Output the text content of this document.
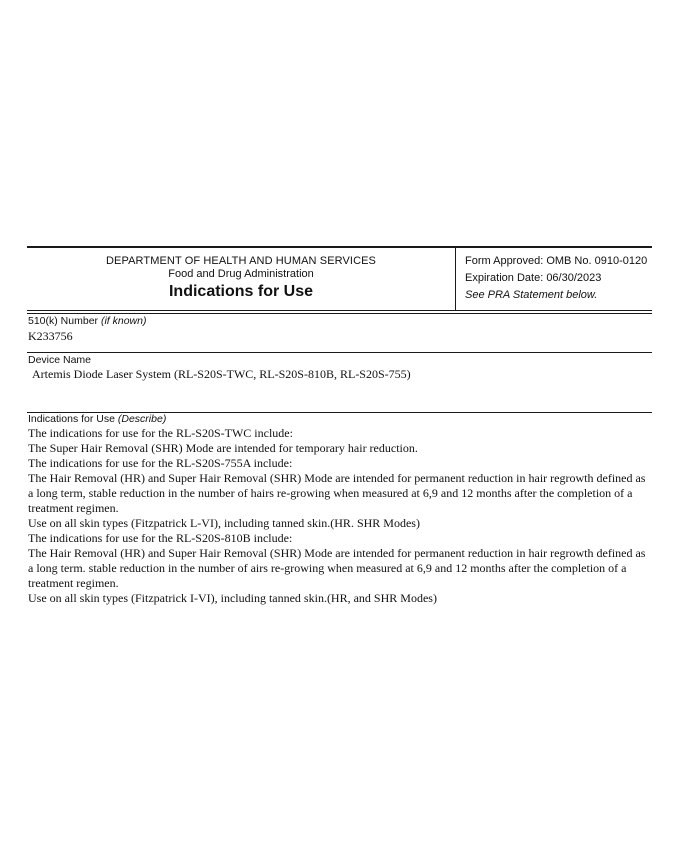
DEPARTMENT OF HEALTH AND HUMAN SERVICES
Food and Drug Administration
Indications for Use
Form Approved: OMB No. 0910-0120
Expiration Date: 06/30/2023
See PRA Statement below.
510(k) Number (if known)
K233756
Device Name
Artemis Diode Laser System (RL-S20S-TWC, RL-S20S-810B, RL-S20S-755)
Indications for Use (Describe)

The indications for use for the RL-S20S-TWC include:

The Super Hair Removal (SHR) Mode are intended for temporary hair reduction.

The indications for use for the RL-S20S-755A include:

The Hair Removal (HR) and Super Hair Removal (SHR) Mode are intended for permanent reduction in hair regrowth defined as a long term, stable reduction in the number of hairs re-growing when measured at 6,9 and 12 months after the completion of a treatment regimen.

Use on all skin types (Fitzpatrick L-VI), including tanned skin.(HR. SHR Modes)

The indications for use for the RL-S20S-810B include:

The Hair Removal (HR) and Super Hair Removal (SHR) Mode are intended for permanent reduction in hair regrowth defined as a long term. stable reduction in the number of airs re-growing when measured at 6,9 and 12 months after the completion of a treatment regimen.

Use on all skin types (Fitzpatrick I-VI), including tanned skin.(HR, and SHR Modes)
